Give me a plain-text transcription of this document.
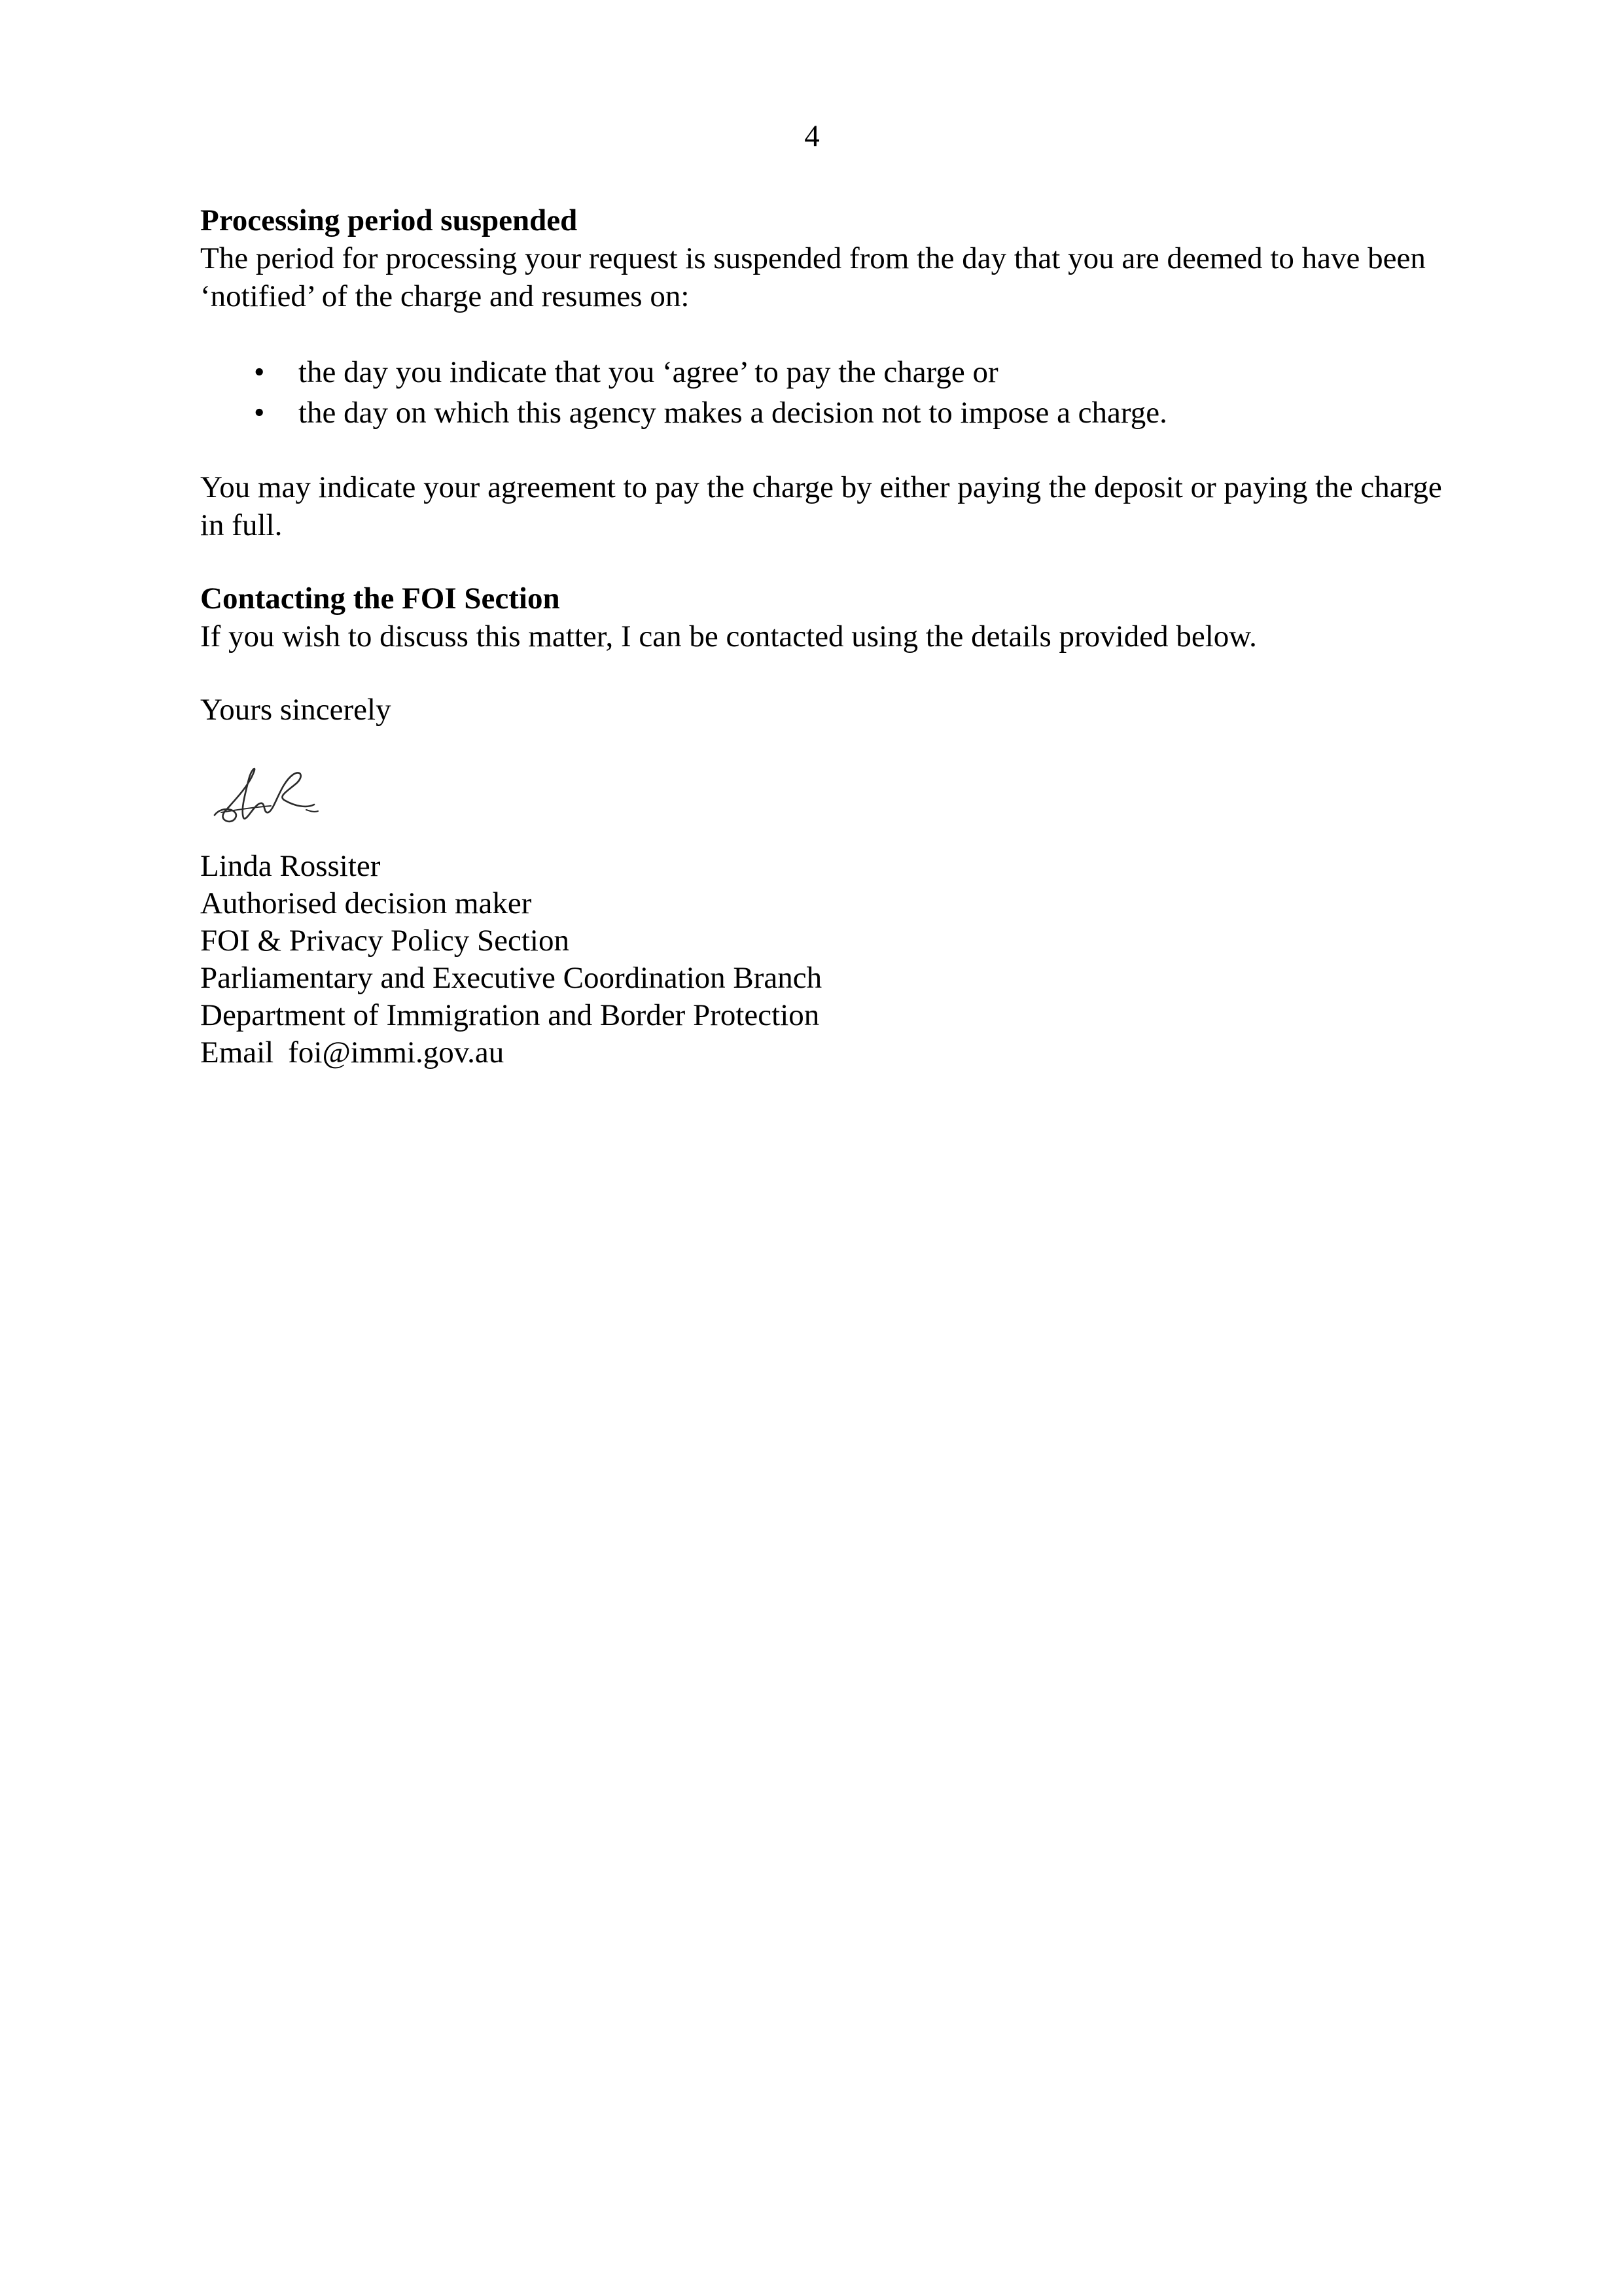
4

Processing period suspended

The period for processing your request is suspended from the day that you are deemed to have been ‘notified’ of the charge and resumes on:

• the day you indicate that you ‘agree’ to pay the charge or
• the day on which this agency makes a decision not to impose a charge.

You may indicate your agreement to pay the charge by either paying the deposit or paying the charge in full.

Contacting the FOI Section

If you wish to discuss this matter, I can be contacted using the details provided below.

Yours sincerely

Linda Rossiter

Authorised decision maker

FOI & Privacy Policy Section

Parliamentary and Executive Coordination Branch

Department of Immigration and Border Protection

Email foi@immi.gov.au
